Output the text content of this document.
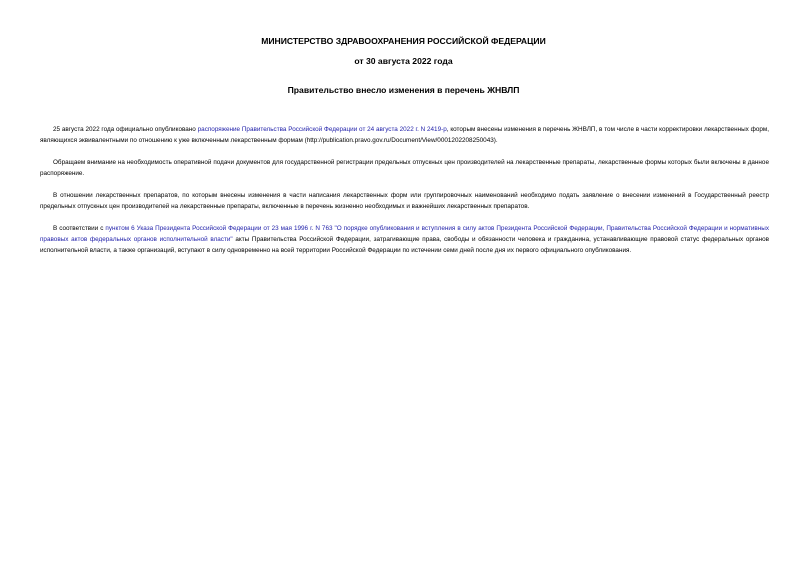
МИНИСТЕРСТВО ЗДРАВООХРАНЕНИЯ РОССИЙСКОЙ ФЕДЕРАЦИИ
от 30 августа 2022 года
Правительство внесло изменения в перечень ЖНВЛП

25 августа 2022 года официально опубликовано распоряжение Правительства Российской Федерации от 24 августа 2022 г. N 2419-р, которым внесены изменения в перечень ЖНВЛП, в том числе в части корректировки лекарственных форм, являющихся эквивалентными по отношению к уже включенным лекарственным формам (http://publication.pravo.gov.ru/Document/View/0001202208250043).

Обращаем внимание на необходимость оперативной подачи документов для государственной регистрации предельных отпускных цен производителей на лекарственные препараты, лекарственные формы которых были включены в данное распоряжение.

В отношении лекарственных препаратов, по которым внесены изменения в части написания лекарственных форм или группировочных наименований необходимо подать заявление о внесении изменений в Государственный реестр предельных отпускных цен производителей на лекарственные препараты, включенные в перечень жизненно необходимых и важнейших лекарственных препаратов.

В соответствии с пунктом 6 Указа Президента Российской Федерации от 23 мая 1996 г. N 763 "О порядке опубликования и вступления в силу актов Президента Российской Федерации, Правительства Российской Федерации и нормативных правовых актов федеральных органов исполнительной власти" акты Правительства Российской Федерации, затрагивающие права, свободы и обязанности человека и гражданина, устанавливающие правовой статус федеральных органов исполнительной власти, а также организаций, вступают в силу одновременно на всей территории Российской Федерации по истечении семи дней после дня их первого официального опубликования.
